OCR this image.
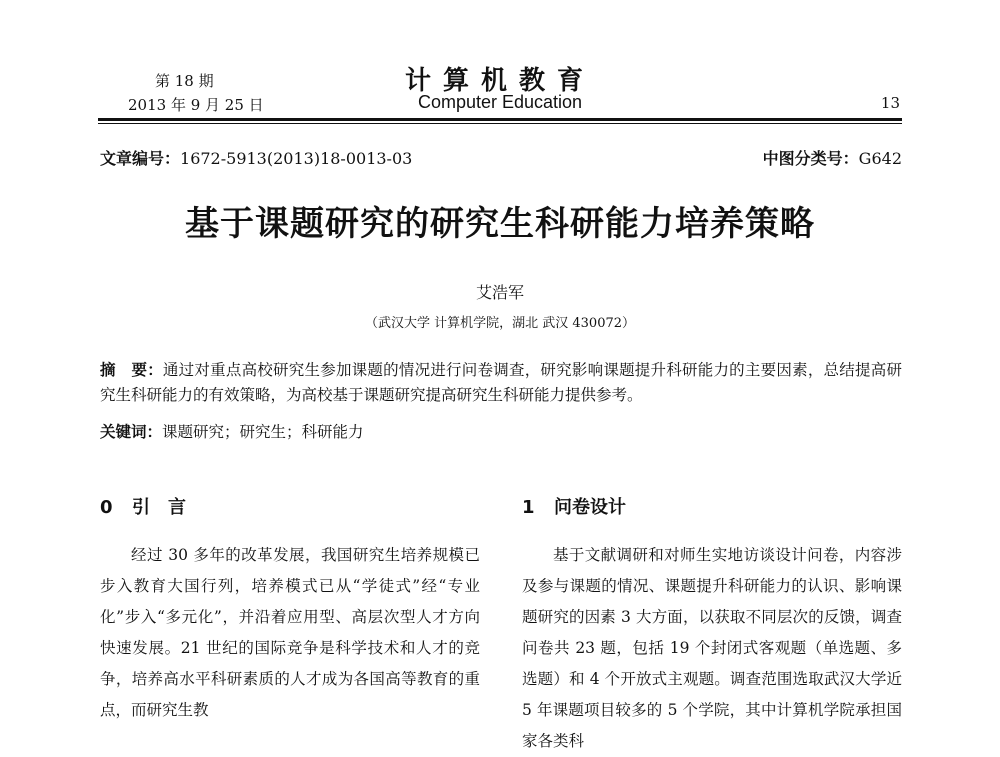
第 18 期
2013 年 9 月 25 日
计算机教育
Computer Education	13
文章编号：1672-5913(2013)18-0013-03	中图分类号：G642
基于课题研究的研究生科研能力培养策略
艾浩军
（武汉大学 计算机学院，湖北 武汉 430072）
摘　要：通过对重点高校研究生参加课题的情况进行问卷调查，研究影响课题提升科研能力的主要因素，总结提高研究生科研能力的有效策略，为高校基于课题研究提高研究生科研能力提供参考。
关键词：课题研究；研究生；科研能力
0 引　言	1 问卷设计

经过 30 多年的改革发展，我国研究生培养规模已步入教育大国行列，培养模式已从“学徒式”经“专业化”步入“多元化”，并沿着应用型、高层次型人才方向快速发展。21 世纪的国际竞争是科学技术和人才的竞争，培养高水平科研素质的人才成为各国高等教育的重点，而研究生教

基于文献调研和对师生实地访谈设计问卷，内容涉及参与课题的情况、课题提升科研能力的认识、影响课题研究的因素 3 大方面，以获取不同层次的反馈，调查问卷共 23 题，包括 19 个封闭式客观题（单选题、多选题）和 4 个开放式主观题。调查范围选取武汉大学近 5 年课题项目较多的 5 个学院，其中计算机学院承担国家各类科
